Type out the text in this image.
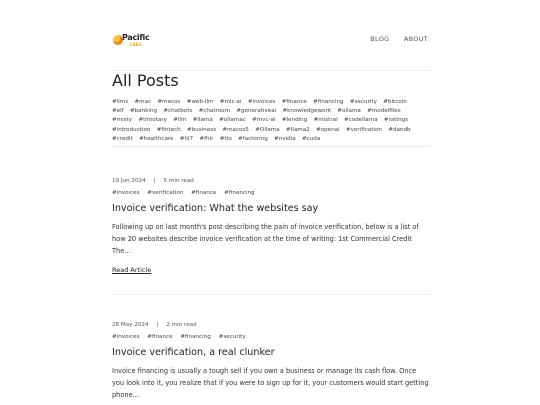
Pacific
LABS
BLOG ABOUT
All Posts
#llms #mac #macos #web-llm #mlc-ai #invoices #finance #financing #security #bitcoin #elf #banking #chatbots #chatroom #generativeai #knowledgework #ollama #modelfiles #misty #tlmotary #llm #llama #ollamac #mvc-ai #lending #mistral #codellama #ratings #introduction #fintech #business #macos5 #Ollama #llama2 #openai #verification #dandb #credit #healthcare #hl7 #fhir #tts #factoring #nvidia #cuda
19 Jun 2024 | 5 min read
#invoices #verification #finance #financing
Invoice verification: What the websites say
Following up on last month's post describing the pain of invoice verification, below is a list of how 20 websites describe invoice verification at the time of writing: 1st Commercial Credit The...
Read Article
28 May 2024 | 2 min read
#invoices #finance #financing #security
Invoice verification, a real clunker
Invoice financing is usually a tough sell if you own a business or manage its cash flow. Once you look into it, you realize that if you were to sign up for it, your customers would start getting phone...
